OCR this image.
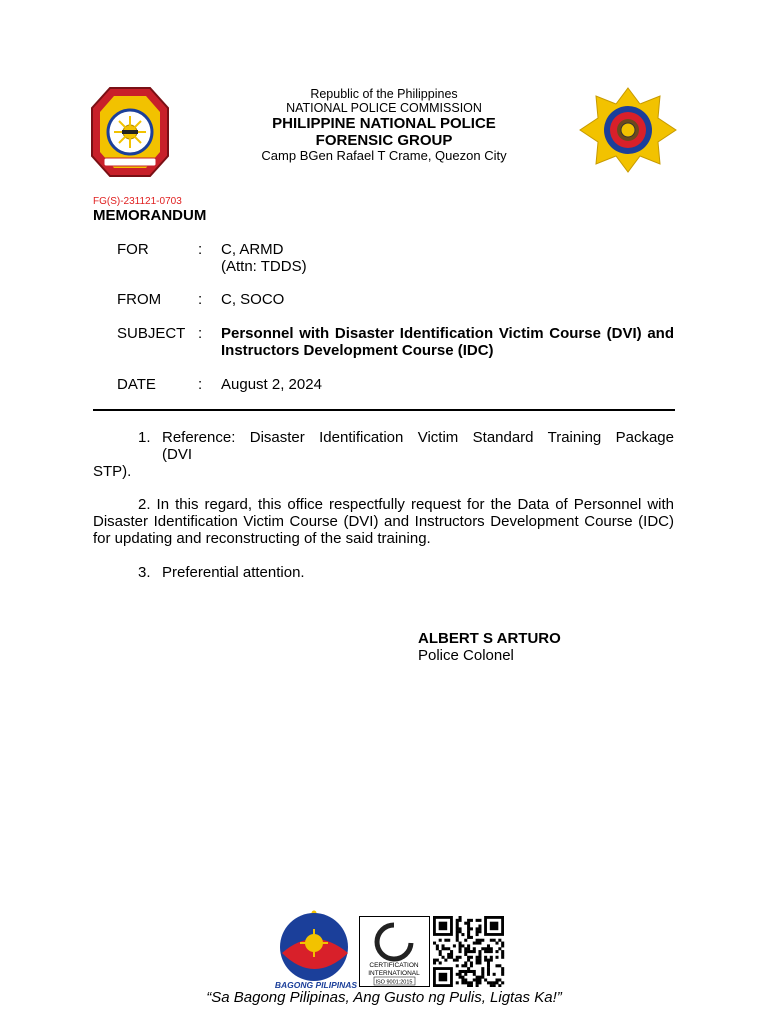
Republic of the Philippines
NATIONAL POLICE COMMISSION
PHILIPPINE NATIONAL POLICE
FORENSIC GROUP
Camp BGen Rafael T Crame, Quezon City
FG(S)-231121-0703
MEMORANDUM
FOR	: C, ARMD
(Attn: TDDS)
FROM : C, SOCO
SUBJECT : Personnel with Disaster Identification Victim Course (DVI) and Instructors Development Course (IDC)
DATE	: August 2, 2024
1. Reference: Disaster Identification Victim Standard Training Package
(DVI
STP).
2. In this regard, this office respectfully request for the Data of Personnel with Disaster Identification Victim Course (DVI) and Instructors Development Course (IDC) for updating and reconstructing of the said training.
3. Preferential attention.
ALBERT S ARTURO
Police Colonel
BAGONG PILIPINAS
CERTIFICATION
INTERNATIONAL
ISO 9001:2015
“Sa Bagong Pilipinas, Ang Gusto ng Pulis, Ligtas Ka!”
